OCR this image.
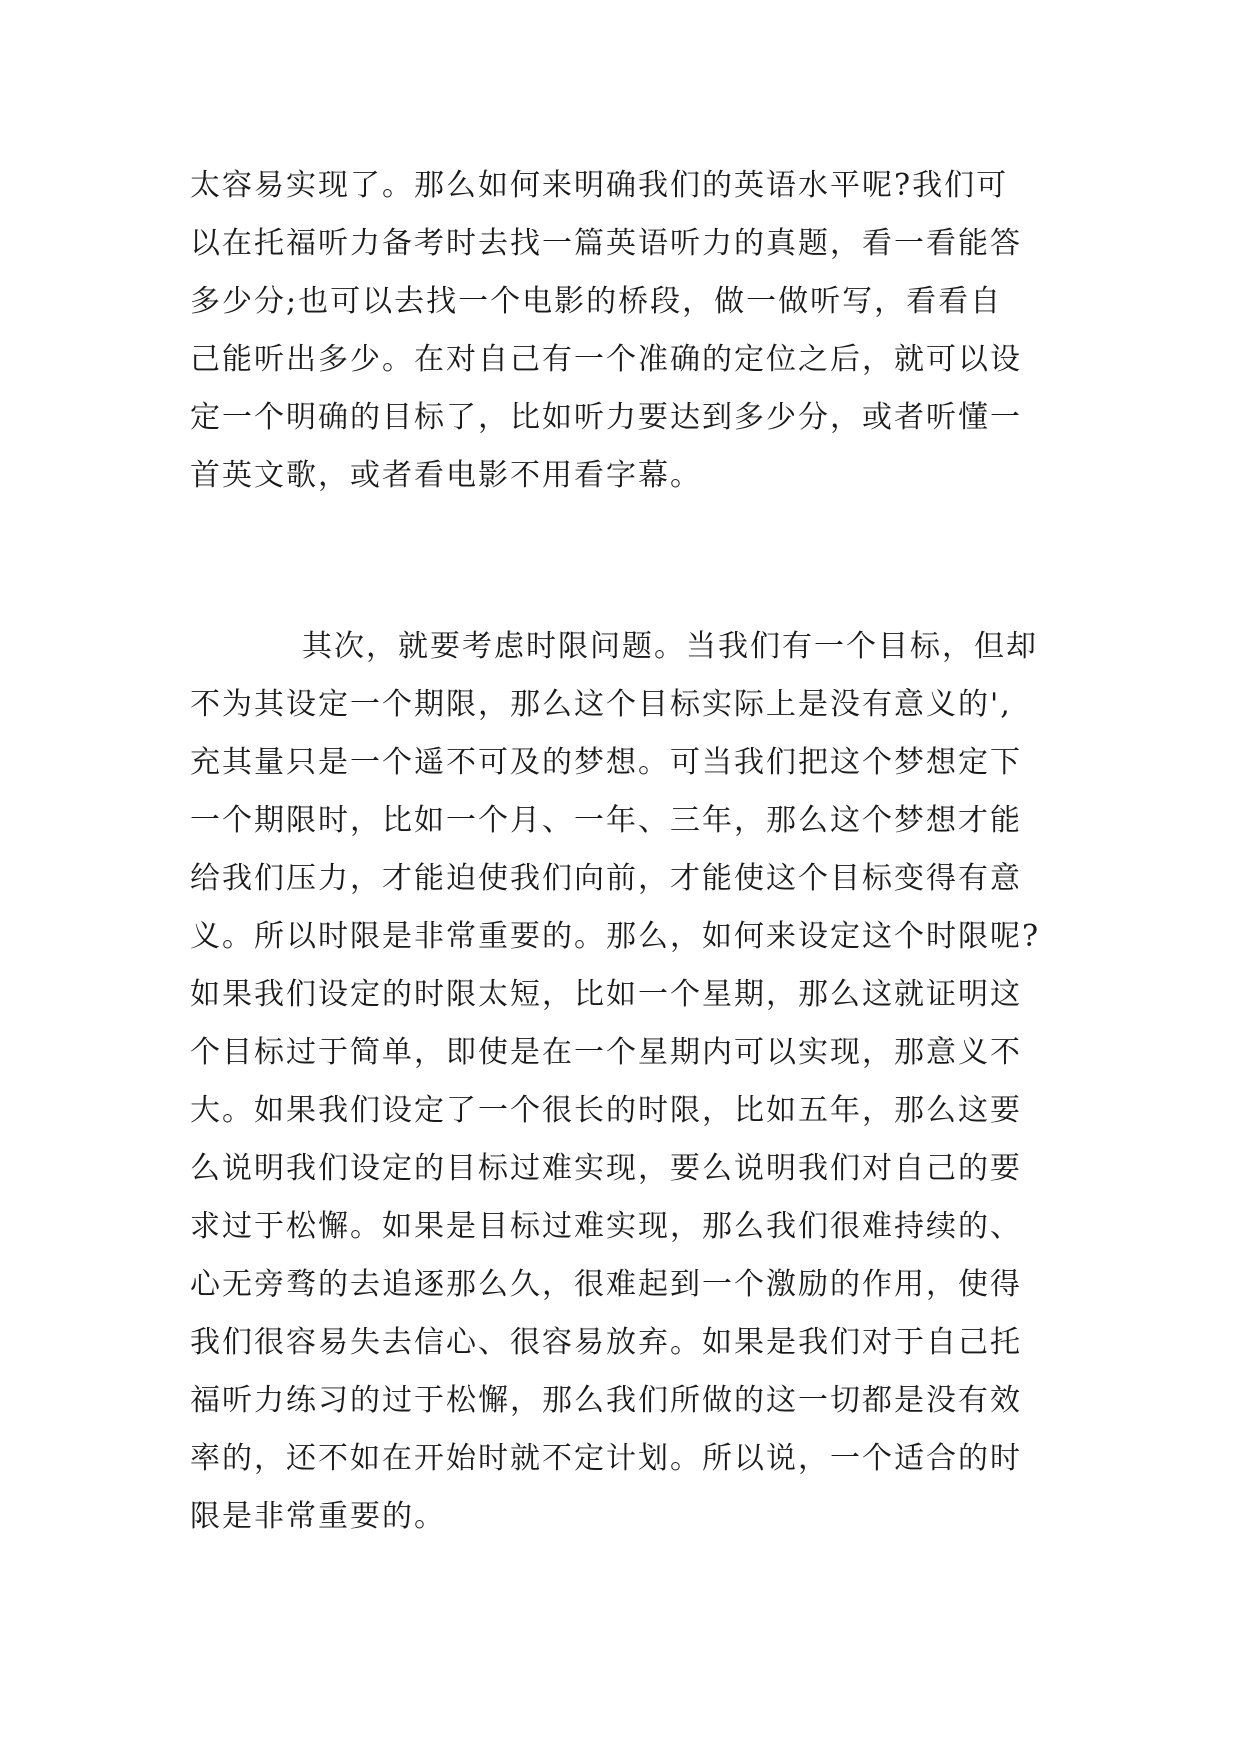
太容易实现了。那么如何来明确我们的英语水平呢?我们可
以在托福听力备考时去找一篇英语听力的真题，看一看能答
多少分;也可以去找一个电影的桥段，做一做听写，看看自
己能听出多少。在对自己有一个准确的定位之后，就可以设
定一个明确的目标了，比如听力要达到多少分，或者听懂一
首英文歌，或者看电影不用看字幕。

其次，就要考虑时限问题。当我们有一个目标，但却
不为其设定一个期限，那么这个目标实际上是没有意义的',
充其量只是一个遥不可及的梦想。可当我们把这个梦想定下
一个期限时，比如一个月、一年、三年，那么这个梦想才能
给我们压力，才能迫使我们向前，才能使这个目标变得有意
义。所以时限是非常重要的。那么，如何来设定这个时限呢?
如果我们设定的时限太短，比如一个星期，那么这就证明这
个目标过于简单，即使是在一个星期内可以实现，那意义不
大。如果我们设定了一个很长的时限，比如五年，那么这要
么说明我们设定的目标过难实现，要么说明我们对自己的要
求过于松懈。如果是目标过难实现，那么我们很难持续的、
心无旁骛的去追逐那么久，很难起到一个激励的作用，使得
我们很容易失去信心、很容易放弃。如果是我们对于自己托
福听力练习的过于松懈，那么我们所做的这一切都是没有效
率的，还不如在开始时就不定计划。所以说，一个适合的时
限是非常重要的。
